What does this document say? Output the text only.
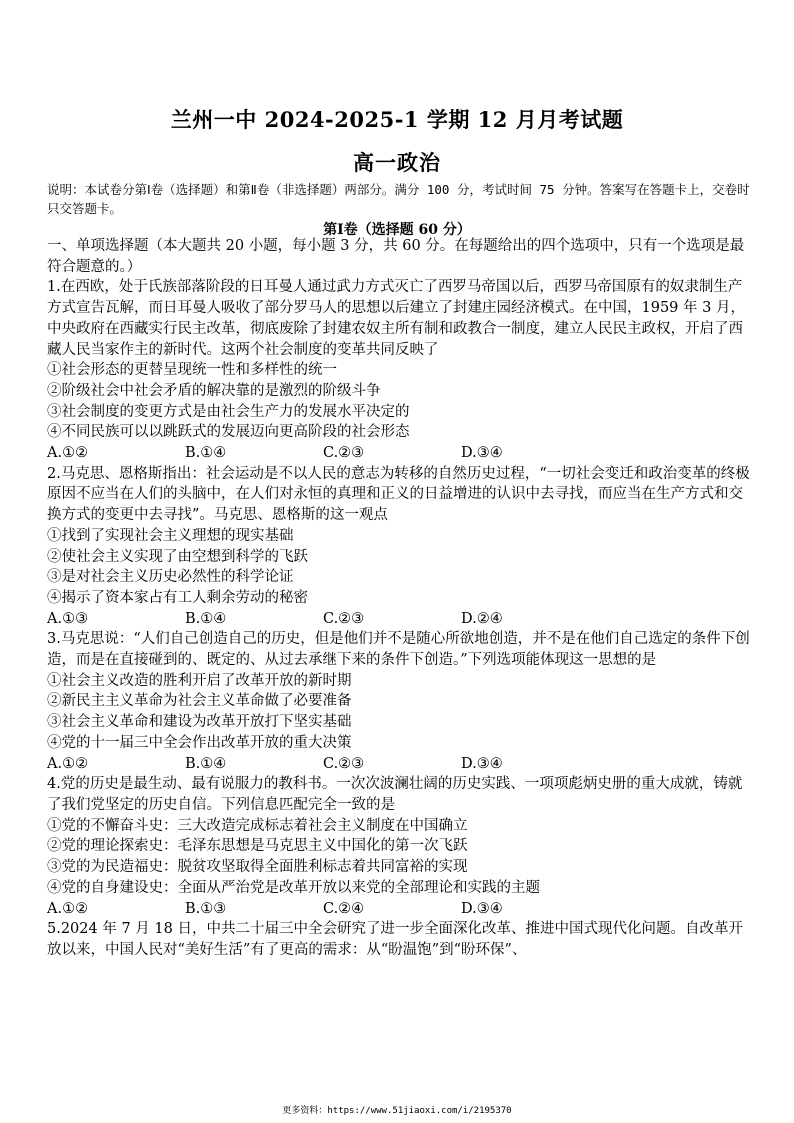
兰州一中 2024-2025-1 学期 12 月月考试题
高一政治
说明：本试卷分第Ⅰ卷（选择题）和第Ⅱ卷（非选择题）两部分。满分 100 分，考试时间 75 分钟。答案写在答题卡上，交卷时只交答题卡。
第Ⅰ卷（选择题 60 分）

一、单项选择题（本大题共 20 小题，每小题 3 分，共 60 分。在每题给出的四个选项中，只有一个选项是最符合题意的。）

1.在西欧，处于氏族部落阶段的日耳曼人通过武力方式灭亡了西罗马帝国以后，西罗马帝国原有的奴隶制生产方式宣告瓦解，而日耳曼人吸收了部分罗马人的思想以后建立了封建庄园经济模式。在中国，1959 年 3 月，中央政府在西藏实行民主改革，彻底废除了封建农奴主所有制和政教合一制度，建立人民民主政权，开启了西藏人民当家作主的新时代。这两个社会制度的变革共同反映了

①社会形态的更替呈现统一性和多样性的统一

②阶级社会中社会矛盾的解决靠的是激烈的阶级斗争

③社会制度的变更方式是由社会生产力的发展水平决定的

④不同民族可以以跳跃式的发展迈向更高阶段的社会形态

A.①②	B.①④	C.②③	D.③④

2.马克思、恩格斯指出：社会运动是不以人民的意志为转移的自然历史过程，“一切社会变迁和政治变革的终极原因不应当在人们的头脑中，在人们对永恒的真理和正义的日益增进的认识中去寻找，而应当在生产方式和交换方式的变更中去寻找”。马克思、恩格斯的这一观点

①找到了实现社会主义理想的现实基础

②使社会主义实现了由空想到科学的飞跃

③是对社会主义历史必然性的科学论证

④揭示了资本家占有工人剩余劳动的秘密

A.①③	B.①④	C.②③	D.②④

3.马克思说：“人们自己创造自己的历史，但是他们并不是随心所欲地创造，并不是在他们自己选定的条件下创造，而是在直接碰到的、既定的、从过去承继下来的条件下创造。”下列选项能体现这一思想的是

①社会主义改造的胜利开启了改革开放的新时期

②新民主主义革命为社会主义革命做了必要准备

③社会主义革命和建设为改革开放打下坚实基础

④党的十一届三中全会作出改革开放的重大决策

A.①②	B.①④	C.②③	D.③④

4.党的历史是最生动、最有说服力的教科书。一次次波澜壮阔的历史实践、一项项彪炳史册的重大成就，铸就了我们党坚定的历史自信。下列信息匹配完全一致的是

①党的不懈奋斗史：三大改造完成标志着社会主义制度在中国确立

②党的理论探索史：毛泽东思想是马克思主义中国化的第一次飞跃

③党的为民造福史：脱贫攻坚取得全面胜利标志着共同富裕的实现

④党的自身建设史：全面从严治党是改革开放以来党的全部理论和实践的主题

A.①②	B.①③	C.②④	D.③④

5.2024 年 7 月 18 日，中共二十届三中全会研究了进一步全面深化改革、推进中国式现代化问题。自改革开放以来，中国人民对“美好生活”有了更高的需求：从“盼温饱”到“盼环保”、

更多资料：https://www.51jiaoxi.com/i/2195370
